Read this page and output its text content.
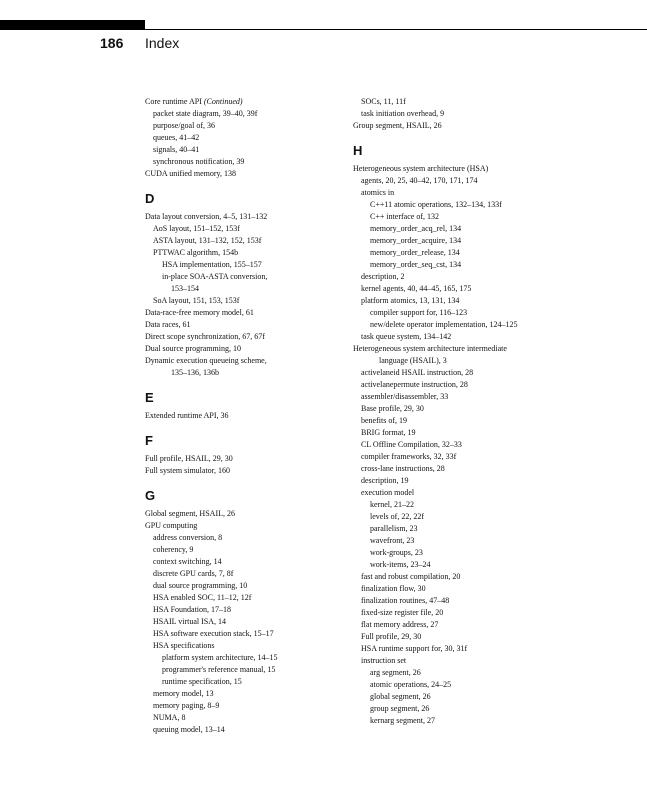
186 Index
Core runtime API (Continued)
packet state diagram, 39–40, 39f
purpose/goal of, 36
queues, 41–42
signals, 40–41
synchronous notification, 39
CUDA unified memory, 138
D
Data layout conversion, 4–5, 131–132
AoS layout, 151–152, 153f
ASTA layout, 131–132, 152, 153f
PTTWAC algorithm, 154b
HSA implementation, 155–157
in-place SOA-ASTA conversion,
153–154
SoA layout, 151, 153, 153f
Data-race-free memory model, 61
Data races, 61
Direct scope synchronization, 67, 67f
Dual source programming, 10
Dynamic execution queueing scheme,
135–136, 136b
E
Extended runtime API, 36
F
Full profile, HSAIL, 29, 30
Full system simulator, 160
G
Global segment, HSAIL, 26
GPU computing
address conversion, 8
coherency, 9
context switching, 14
discrete GPU cards, 7, 8f
dual source programming, 10
HSA enabled SOC, 11–12, 12f
HSA Foundation, 17–18
HSAIL virtual ISA, 14
HSA software execution stack, 15–17
HSA specifications
platform system architecture, 14–15
programmer's reference manual, 15
runtime specification, 15
memory model, 13
memory paging, 8–9
NUMA, 8
queuing model, 13–14
SOCs, 11, 11f
task initiation overhead, 9
Group segment, HSAIL, 26
H
Heterogeneous system architecture (HSA)
agents, 20, 25, 40–42, 170, 171, 174
atomics in
C++11 atomic operations, 132–134, 133f
C++ interface of, 132
memory_order_acq_rel, 134
memory_order_acquire, 134
memory_order_release, 134
memory_order_seq_cst, 134
description, 2
kernel agents, 40, 44–45, 165, 175
platform atomics, 13, 131, 134
compiler support for, 116–123
new/delete operator implementation, 124–125
task queue system, 134–142
Heterogeneous system architecture intermediate
language (HSAIL), 3
activelaneid HSAIL instruction, 28
activelanepermute instruction, 28
assembler/disassembler, 33
Base profile, 29, 30
benefits of, 19
BRIG format, 19
CL Offline Compilation, 32–33
compiler frameworks, 32, 33f
cross-lane instructions, 28
description, 19
execution model
kernel, 21–22
levels of, 22, 22f
parallelism, 23
wavefront, 23
work-groups, 23
work-items, 23–24
fast and robust compilation, 20
finalization flow, 30
finalization routines, 47–48
fixed-size register file, 20
flat memory address, 27
Full profile, 29, 30
HSA runtime support for, 30, 31f
instruction set
arg segment, 26
atomic operations, 24–25
global segment, 26
group segment, 26
kernarg segment, 27
